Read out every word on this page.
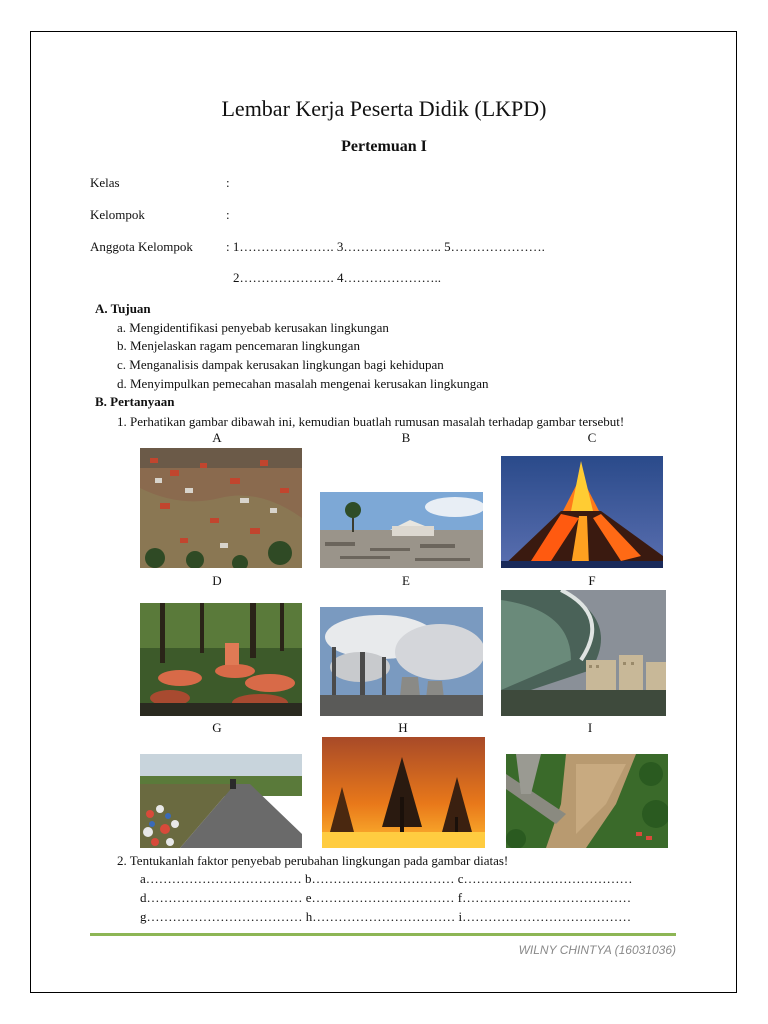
Lembar Kerja Peserta Didik (LKPD)
Pertemuan I
Kelas	:
Kelompok	:
Anggota Kelompok	: 1…………………. 3………………….. 5………………….
2…………………. 4…………………..
A. Tujuan
a. Mengidentifikasi penyebab kerusakan lingkungan
b. Menjelaskan ragam pencemaran lingkungan
c. Menganalisis dampak kerusakan lingkungan bagi kehidupan
d. Menyimpulkan pemecahan masalah mengenai kerusakan lingkungan
B. Pertanyaan
1. Perhatikan gambar dibawah ini, kemudian buatlah rumusan masalah terhadap gambar tersebut!
A	B	C
D	E	F
G	H	I
2. Tentukanlah faktor penyebab perubahan lingkungan pada gambar diatas!
a……………………………… b…………………………… c…………………………………
d……………………………… e…………………………… f…………………………………
g……………………………… h…………………………… i…………………………………
WILNY CHINTYA (16031036)
